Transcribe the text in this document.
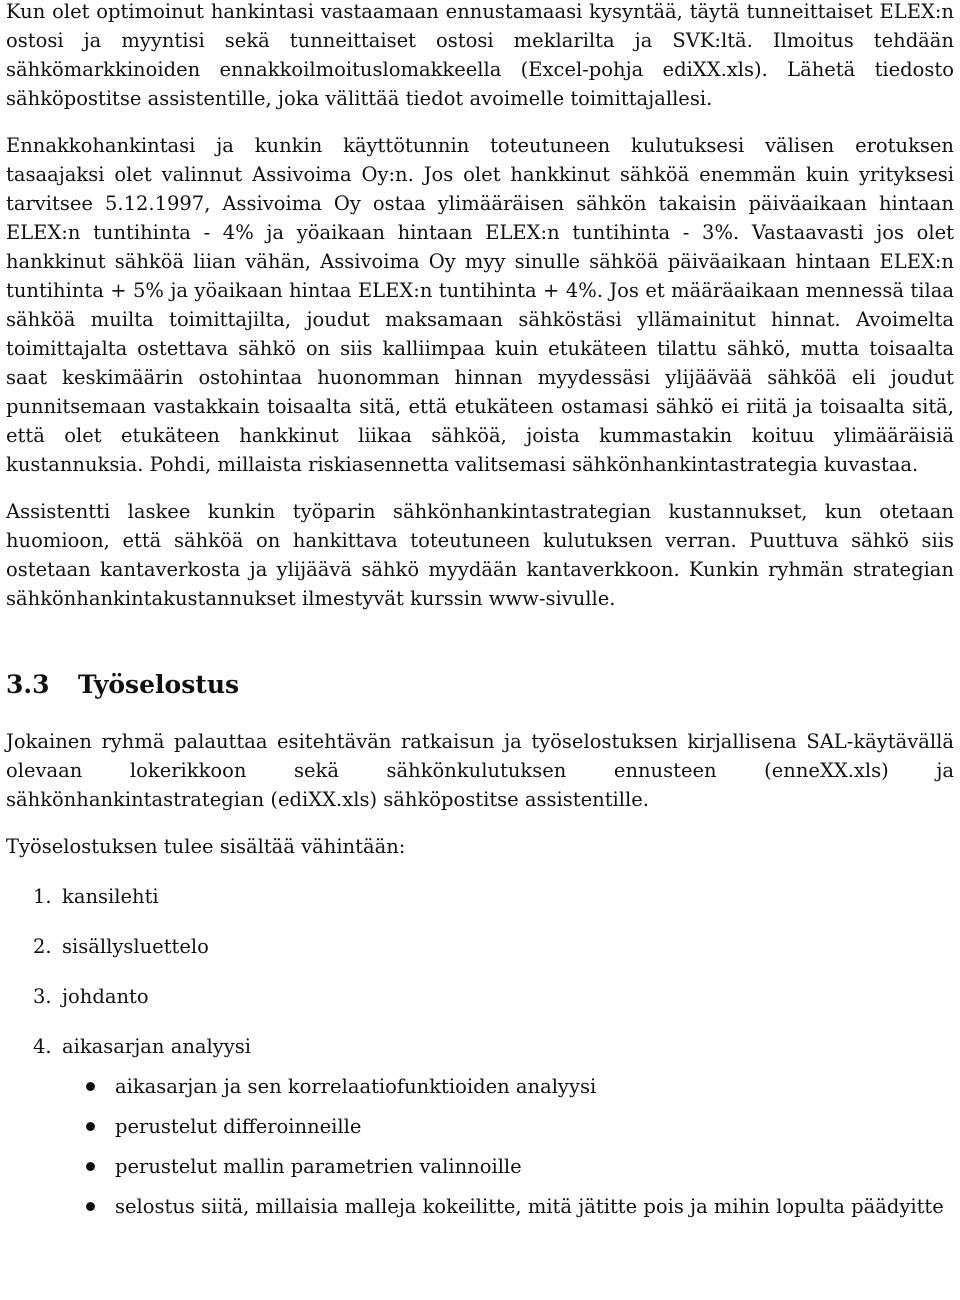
Kun olet optimoinut hankintasi vastaamaan ennustamaasi kysyntää, täytä tunneittaiset ELEX:n ostosi ja myyntisi sekä tunneittaiset ostosi meklarilta ja SVK:ltä. Ilmoitus tehdään sähkömarkkinoiden ennakkoilmoituslomakkeella (Excel-pohja ediXX.xls). Lähetä tiedosto sähköpostitse assistentille, joka välittää tiedot avoimelle toimittajallesi.

Ennakkohankintasi ja kunkin käyttötunnin toteutuneen kulutuksesi välisen erotuksen tasaajaksi olet valinnut Assivoima Oy:n. Jos olet hankkinut sähköä enemmän kuin yrityksesi tarvitsee 5.12.1997, Assivoima Oy ostaa ylimääräisen sähkön takaisin päiväaikaan hintaan ELEX:n tuntihinta - 4% ja yöaikaan hintaan ELEX:n tuntihinta - 3%. Vastaavasti jos olet hankkinut sähköä liian vähän, Assivoima Oy myy sinulle sähköä päiväaikaan hintaan ELEX:n tuntihinta + 5% ja yöaikaan hintaa ELEX:n tuntihinta + 4%. Jos et määräaikaan mennessä tilaa sähköä muilta toimittajilta, joudut maksamaan sähköstäsi yllämainitut hinnat. Avoimelta toimittajalta ostettava sähkö on siis kalliimpaa kuin etukäteen tilattu sähkö, mutta toisaalta saat keskimäärin ostohintaa huonomman hinnan myydessäsi ylijäävää sähköä eli joudut punnitsemaan vastakkain toisaalta sitä, että etukäteen ostamasi sähkö ei riitä ja toisaalta sitä, että olet etukäteen hankkinut liikaa sähköä, joista kummastakin koituu ylimääräisiä kustannuksia. Pohdi, millaista riskiasennetta valitsemasi sähkönhankintastrategia kuvastaa.

Assistentti laskee kunkin työparin sähkönhankintastrategian kustannukset, kun otetaan huomioon, että sähköä on hankittava toteutuneen kulutuksen verran. Puuttuva sähkö siis ostetaan kantaverkosta ja ylijäävä sähkö myydään kantaverkkoon. Kunkin ryhmän strategian sähkönhankintakustannukset ilmestyvät kurssin www-sivulle.

3.3 Työselostus

Jokainen ryhmä palauttaa esitehtävän ratkaisun ja työselostuksen kirjallisena SAL-käytävällä olevaan lokerikkoon sekä sähkönkulutuksen ennusteen (enneXX.xls) ja sähkönhankintastrategian (ediXX.xls) sähköpostitse assistentille.

Työselostuksen tulee sisältää vähintään:

1. kansilehti
2. sisällysluettelo
3. johdanto
4. aikasarjan analyysi
aikasarjan ja sen korrelaatiofunktioiden analyysi
perustelut differoinneille
perustelut mallin parametrien valinnoille
selostus siitä, millaisia malleja kokeilitte, mitä jätitte pois ja mihin lopulta päädyitte
